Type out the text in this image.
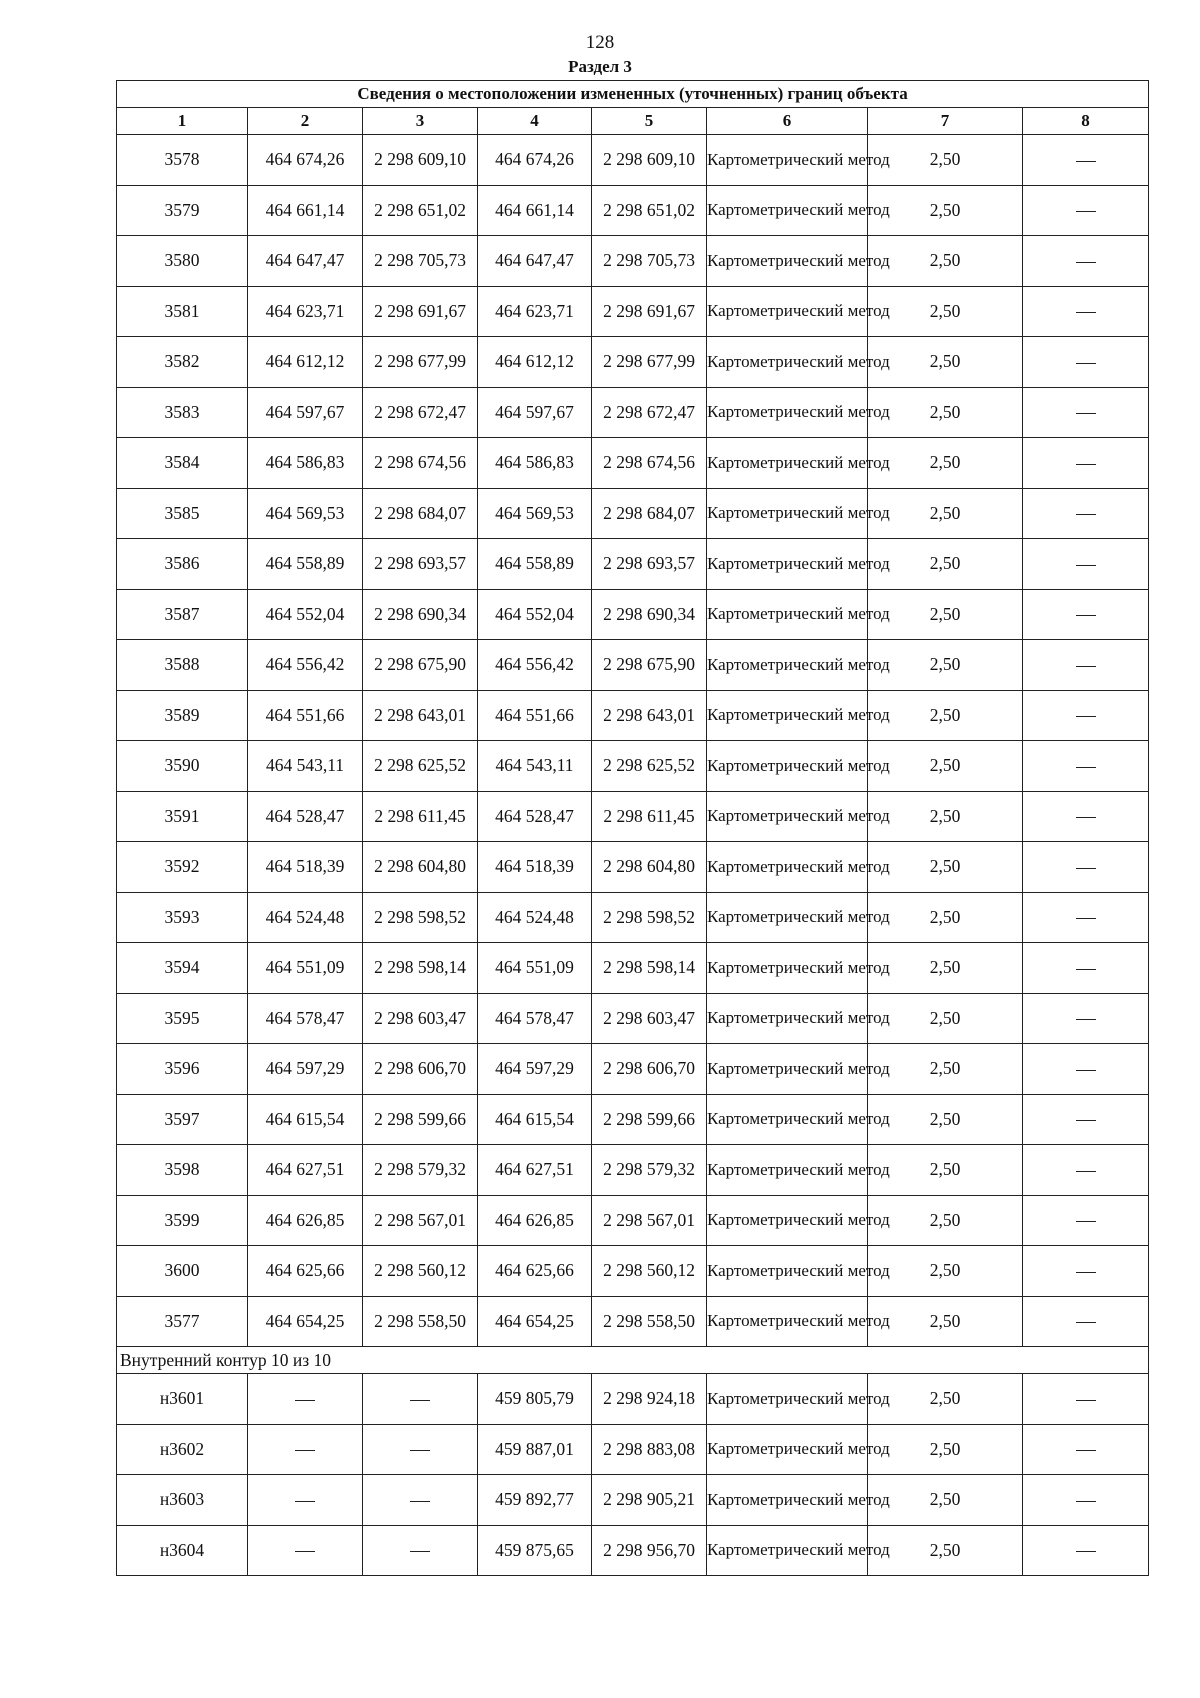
128
Раздел 3
Сведения о местоположении измененных (уточненных) границ объекта							
1	2	3	4	5	6	7	8
3578	464 674,26	2 298 609,10	464 674,26	2 298 609,10	Картометрический метод	2,50	
3579	464 661,14	2 298 651,02	464 661,14	2 298 651,02	Картометрический метод	2,50	
3580	464 647,47	2 298 705,73	464 647,47	2 298 705,73	Картометрический метод	2,50	
3581	464 623,71	2 298 691,67	464 623,71	2 298 691,67	Картометрический метод	2,50	
3582	464 612,12	2 298 677,99	464 612,12	2 298 677,99	Картометрический метод	2,50	
3583	464 597,67	2 298 672,47	464 597,67	2 298 672,47	Картометрический метод	2,50	
3584	464 586,83	2 298 674,56	464 586,83	2 298 674,56	Картометрический метод	2,50	
3585	464 569,53	2 298 684,07	464 569,53	2 298 684,07	Картометрический метод	2,50	
3586	464 558,89	2 298 693,57	464 558,89	2 298 693,57	Картометрический метод	2,50	
3587	464 552,04	2 298 690,34	464 552,04	2 298 690,34	Картометрический метод	2,50	
3588	464 556,42	2 298 675,90	464 556,42	2 298 675,90	Картометрический метод	2,50	
3589	464 551,66	2 298 643,01	464 551,66	2 298 643,01	Картометрический метод	2,50	
3590	464 543,11	2 298 625,52	464 543,11	2 298 625,52	Картометрический метод	2,50	
3591	464 528,47	2 298 611,45	464 528,47	2 298 611,45	Картометрический метод	2,50	
3592	464 518,39	2 298 604,80	464 518,39	2 298 604,80	Картометрический метод	2,50	
3593	464 524,48	2 298 598,52	464 524,48	2 298 598,52	Картометрический метод	2,50	
3594	464 551,09	2 298 598,14	464 551,09	2 298 598,14	Картометрический метод	2,50	
3595	464 578,47	2 298 603,47	464 578,47	2 298 603,47	Картометрический метод	2,50	
3596	464 597,29	2 298 606,70	464 597,29	2 298 606,70	Картометрический метод	2,50	
3597	464 615,54	2 298 599,66	464 615,54	2 298 599,66	Картометрический метод	2,50	
3598	464 627,51	2 298 579,32	464 627,51	2 298 579,32	Картометрический метод	2,50	
3599	464 626,85	2 298 567,01	464 626,85	2 298 567,01	Картометрический метод	2,50	
3600	464 625,66	2 298 560,12	464 625,66	2 298 560,12	Картометрический метод	2,50	
3577	464 654,25	2 298 558,50	464 654,25	2 298 558,50	Картометрический метод	2,50	
Внутренний контур 10 из 10							
н3601			459 805,79	2 298 924,18	Картометрический метод	2,50	
н3602			459 887,01	2 298 883,08	Картометрический метод	2,50	
н3603			459 892,77	2 298 905,21	Картометрический метод	2,50	
н3604			459 875,65	2 298 956,70	Картометрический метод	2,50	
